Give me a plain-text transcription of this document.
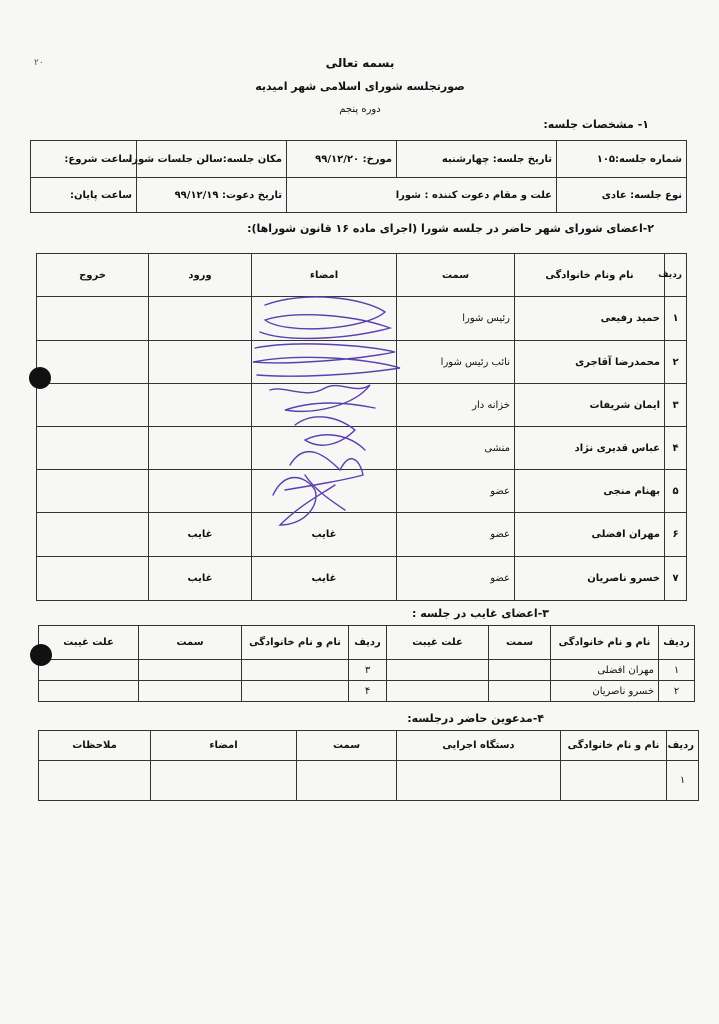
٢٠	بسمه تعالی
صورتجلسه شورای اسلامی شهر امیدیه
دوره پنجم
۱- مشخصات جلسه:
شماره جلسه:۱۰۵	تاریخ جلسه: چهارشنبه	مورخ: ۹۹/۱۲/۲۰	مکان جلسه:سالن جلسات شورا	ساعت شروع:
نوع جلسه: عادی	علت و مقام دعوت کننده : شورا		تاریخ دعوت: ۹۹/۱۲/۱۹	ساعت پایان:
۲-اعضای شورای شهر حاضر در جلسه شورا (اجرای ماده ۱۶ قانون شوراها):
ردیف	نام ونام خانوادگی	سمت	امضاء	ورود	خروج
۱	حمید رفیعی	رئیس شورا			
۲	محمدرضا آقاجری	نائب رئیس شورا			
۳	ایمان شریفات	خزانه دار			
۴	عباس قدیری نژاد	منشی			
۵	بهنام منجی	عضو			
۶	مهران افضلی	عضو	غایب	غایب	
۷	خسرو ناصریان	عضو	غایب	غایب	
۳-اعضای غایب در جلسه :
ردیف	نام و نام خانوادگی	سمت	علت غیبت	ردیف	نام و نام خانوادگی	سمت	علت غیبت
۱	مهران افضلی			۳			
۲	خسرو ناصریان			۴			
۴-مدعوین حاضر درجلسه:
ردیف	نام و نام خانوادگی	دستگاه اجرایی	سمت	امضاء	ملاحظات
۱					
